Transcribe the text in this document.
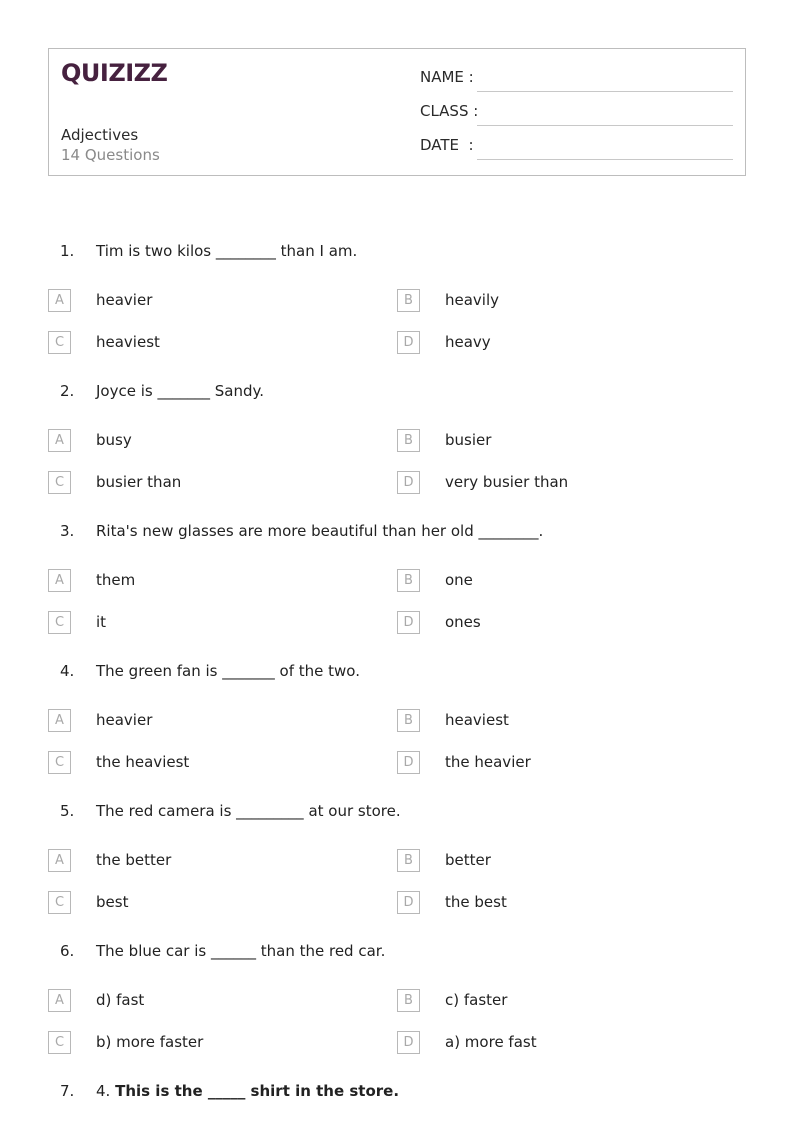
QUIZIZZ
Adjectives
14 Questions
NAME :
CLASS :
DATE  :
1. Tim is two kilos ________ than I am.
A	heavier	B	heavily
C	heaviest	D	heavy
2. Joyce is _______ Sandy.
A	busy	B	busier
C	busier than	D	very busier than
3. Rita's new glasses are more beautiful than her old ________.
A	them	B	one
C	it	D	ones
4. The green fan is _______ of the two.
A	heavier	B	heaviest
C	the heaviest	D	the heavier
5. The red camera is _________ at our store.
A	the better	B	better
C	best	D	the best
6. The blue car is ______ than the red car.
A	d) fast	B	c) faster
C	b) more faster	D	a) more fast
7. 4. This is the _____ shirt in the store.
